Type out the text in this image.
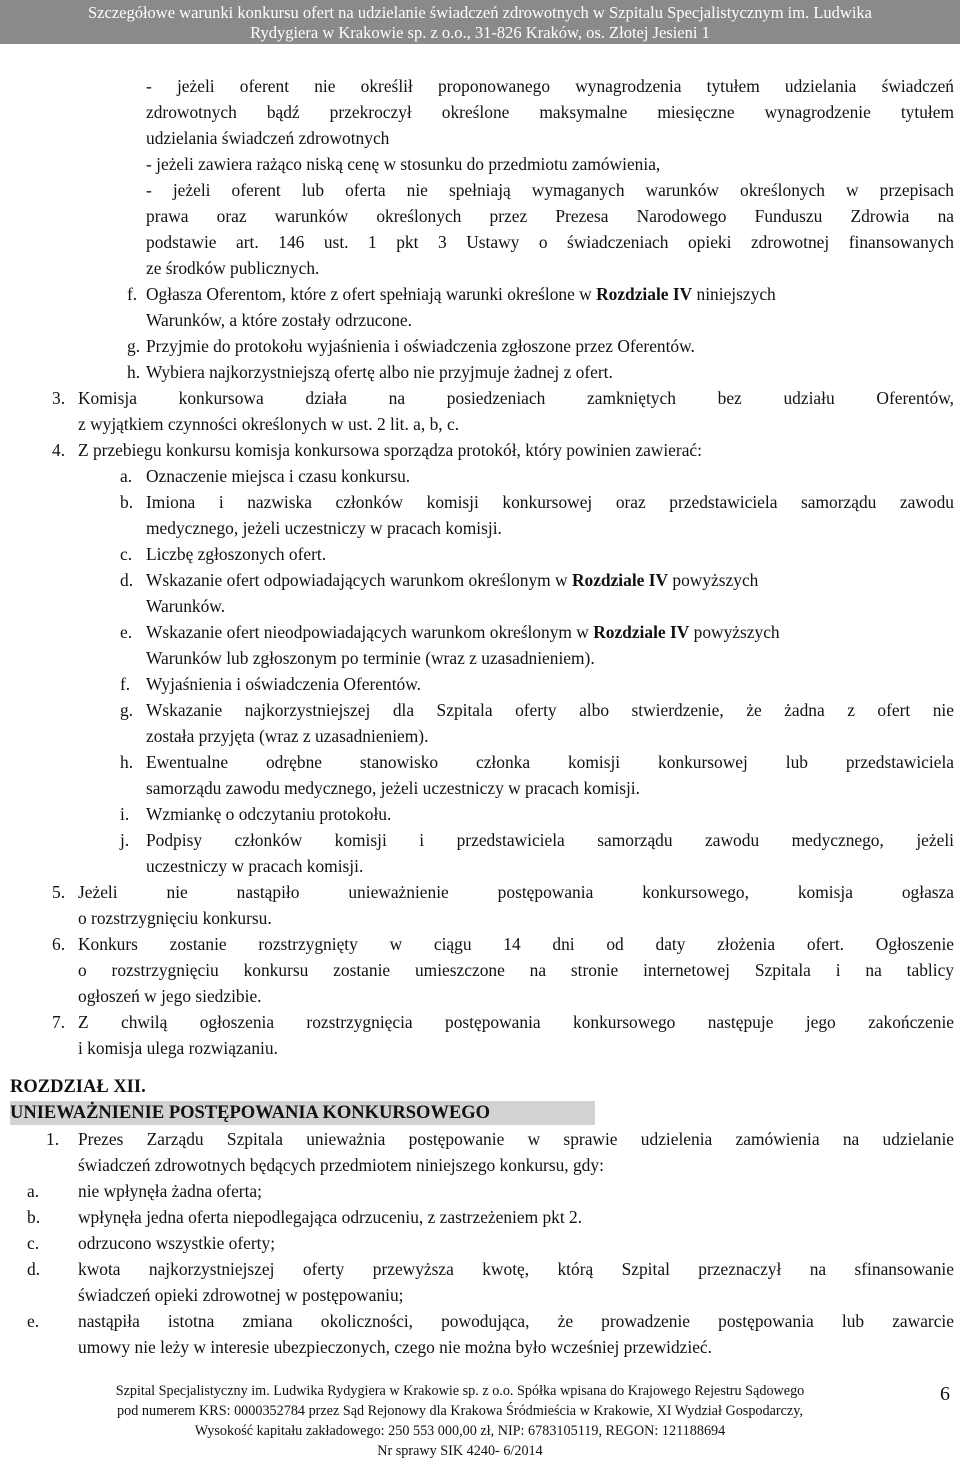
Szczegółowe warunki konkursu ofert na udzielanie świadczeń zdrowotnych w Szpitalu Specjalistycznym im. Ludwika
Rydygiera w Krakowie sp. z o.o., 31-826 Kraków, os. Złotej Jesieni 1
- jeżeli oferent nie określił proponowanego wynagrodzenia tytułem udzielania świadczeń
zdrowotnych bądź przekroczył określone maksymalne miesięczne wynagrodzenie tytułem
udzielania świadczeń zdrowotnych
- jeżeli zawiera rażąco niską cenę w stosunku do przedmiotu zamówienia,
- jeżeli oferent lub oferta nie spełniają wymaganych warunków określonych w przepisach
prawa oraz warunków określonych przez Prezesa Narodowego Funduszu Zdrowia na
podstawie art. 146 ust. 1 pkt 3 Ustawy o świadczeniach opieki zdrowotnej finansowanych
ze środków publicznych.
f. Ogłasza Oferentom, które z ofert spełniają warunki określone w Rozdziale IV niniejszych
Warunków, a które zostały odrzucone.
g. Przyjmie do protokołu wyjaśnienia i oświadczenia zgłoszone przez Oferentów.
h. Wybiera najkorzystniejszą ofertę albo nie przyjmuje żadnej z ofert.
3. Komisja konkursowa działa na posiedzeniach zamkniętych bez udziału Oferentów,
z wyjątkiem czynności określonych w ust. 2 lit. a, b, c.
4. Z przebiegu konkursu komisja konkursowa sporządza protokół, który powinien zawierać:
a. Oznaczenie miejsca i czasu konkursu.
b. Imiona i nazwiska członków komisji konkursowej oraz przedstawiciela samorządu zawodu
medycznego, jeżeli uczestniczy w pracach komisji.
c. Liczbę zgłoszonych ofert.
d. Wskazanie ofert odpowiadających warunkom określonym w Rozdziale IV powyższych
Warunków.
e. Wskazanie ofert nieodpowiadających warunkom określonym w Rozdziale IV powyższych
Warunków lub zgłoszonym po terminie (wraz z uzasadnieniem).
f. Wyjaśnienia i oświadczenia Oferentów.
g. Wskazanie najkorzystniejszej dla Szpitala oferty albo stwierdzenie, że żadna z ofert nie
została przyjęta (wraz z uzasadnieniem).
h. Ewentualne odrębne stanowisko członka komisji konkursowej lub przedstawiciela
samorządu zawodu medycznego, jeżeli uczestniczy w pracach komisji.
i. Wzmiankę o odczytaniu protokołu.
j. Podpisy członków komisji i przedstawiciela samorządu zawodu medycznego, jeżeli
uczestniczy w pracach komisji.
5. Jeżeli nie nastąpiło unieważnienie postępowania konkursowego, komisja ogłasza
o rozstrzygnięciu konkursu.
6. Konkurs zostanie rozstrzygnięty w ciągu 14 dni od daty złożenia ofert. Ogłoszenie
o rozstrzygnięciu konkursu zostanie umieszczone na stronie internetowej Szpitala i na tablicy
ogłoszeń w jego siedzibie.
7. Z chwilą ogłoszenia rozstrzygnięcia postępowania konkursowego następuje jego zakończenie
i komisja ulega rozwiązaniu.
ROZDZIAŁ XII.
UNIEWAŻNIENIE POSTĘPOWANIA KONKURSOWEGO
1. Prezes Zarządu Szpitala unieważnia postępowanie w sprawie udzielenia zamówienia na udzielanie
świadczeń zdrowotnych będących przedmiotem niniejszego konkursu, gdy:
a. nie wpłynęła żadna oferta;
b. wpłynęła jedna oferta niepodlegająca odrzuceniu, z zastrzeżeniem pkt 2.
c. odrzucono wszystkie oferty;
d. kwota najkorzystniejszej oferty przewyższa kwotę, którą Szpital przeznaczył na sfinansowanie
świadczeń opieki zdrowotnej w postępowaniu;
e. nastąpiła istotna zmiana okoliczności, powodująca, że prowadzenie postępowania lub zawarcie
umowy nie leży w interesie ubezpieczonych, czego nie można było wcześniej przewidzieć.
Szpital Specjalistyczny im. Ludwika Rydygiera w Krakowie sp. z o.o. Spółka wpisana do Krajowego Rejestru Sądowego
pod numerem KRS: 0000352784 przez Sąd Rejonowy dla Krakowa Śródmieścia w Krakowie, XI Wydział Gospodarczy,
Wysokość kapitału zakładowego: 250 553 000,00 zł, NIP: 6783105119, REGON: 121188694
Nr sprawy SIK 4240- 6/2014
6
